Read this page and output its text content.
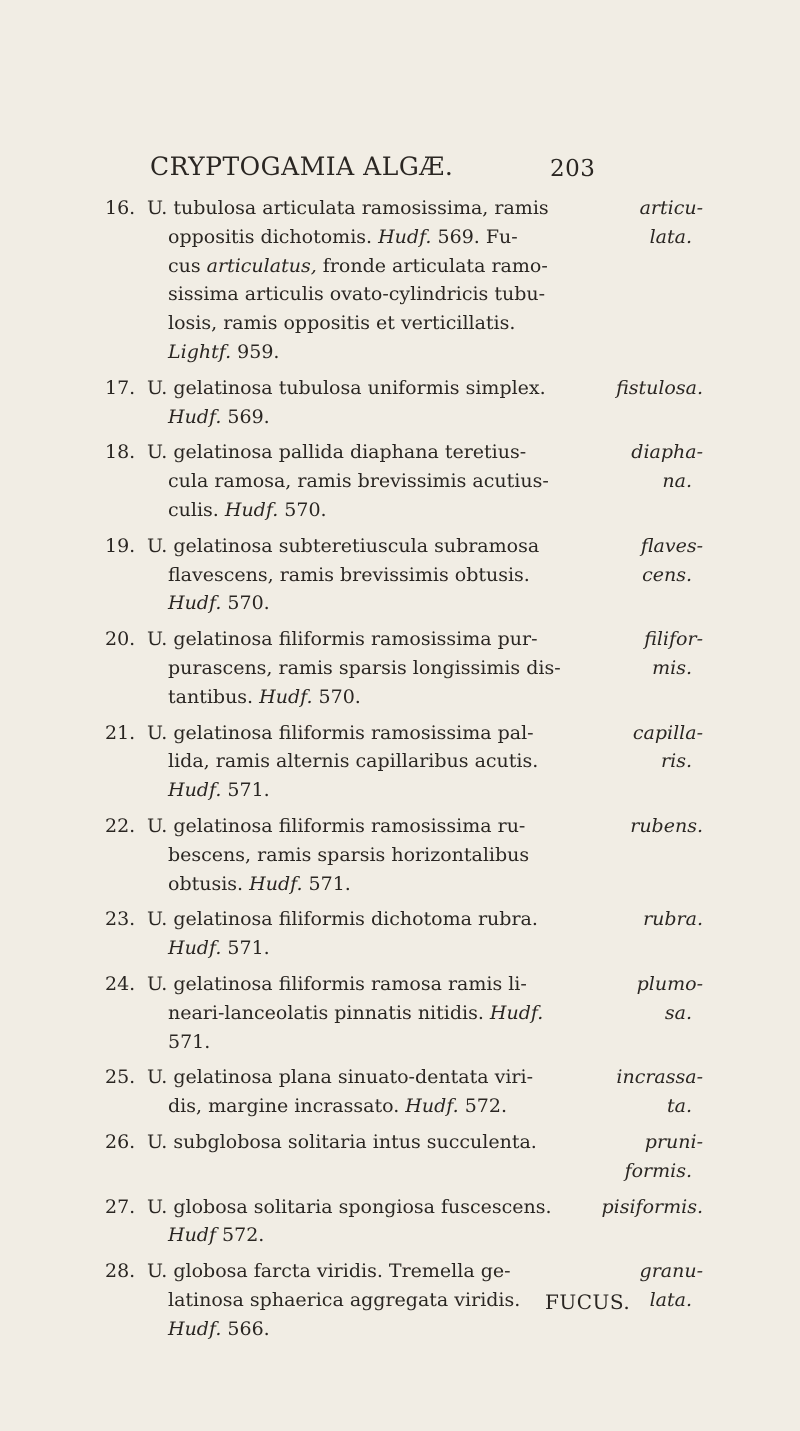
CRYPTOGAMIA ALGÆ.	203
16. U. tubulosa articulata ramosissima, ramis
oppositis dichotomis. Hudf. 569. Fu-
cus articulatus, fronde articulata ramo-
sissima articulis ovato-cylindricis tubu-
losis, ramis oppositis et verticillatis.
Lightf. 959.
articu-
lata.
17. U. gelatinosa tubulosa uniformis simplex.
Hudf. 569.
fistulosa.
18. U. gelatinosa pallida diaphana teretius-
cula ramosa, ramis brevissimis acutius-
culis. Hudf. 570.
diapha-
na.
19. U. gelatinosa subteretiuscula subramosa
flavescens, ramis brevissimis obtusis.
Hudf. 570.
flaves-
cens.
20. U. gelatinosa filiformis ramosissima pur-
purascens, ramis sparsis longissimis dis-
tantibus. Hudf. 570.
filifor-
mis.
21. U. gelatinosa filiformis ramosissima pal-
lida, ramis alternis capillaribus acutis.
Hudf. 571.
capilla-
ris.
22. U. gelatinosa filiformis ramosissima ru-
bescens, ramis sparsis horizontalibus
obtusis. Hudf. 571.
rubens.
23. U. gelatinosa filiformis dichotoma rubra.
Hudf. 571.
rubra.
24. U. gelatinosa filiformis ramosa ramis li-
neari-lanceolatis pinnatis nitidis. Hudf.
571.
plumo-
sa.
25. U. gelatinosa plana sinuato-dentata viri-
dis, margine incrassato. Hudf. 572.
incrassa-
ta.
26. U. subglobosa solitaria intus succulenta.	pruni-
formis.
27. U. globosa solitaria spongiosa fuscescens.
Hudf 572.
pisiformis.
28. U. globosa farcta viridis. Tremella ge-
latinosa sphaerica aggregata viridis.
Hudf. 566.
granu-
lata.
FUCUS.
